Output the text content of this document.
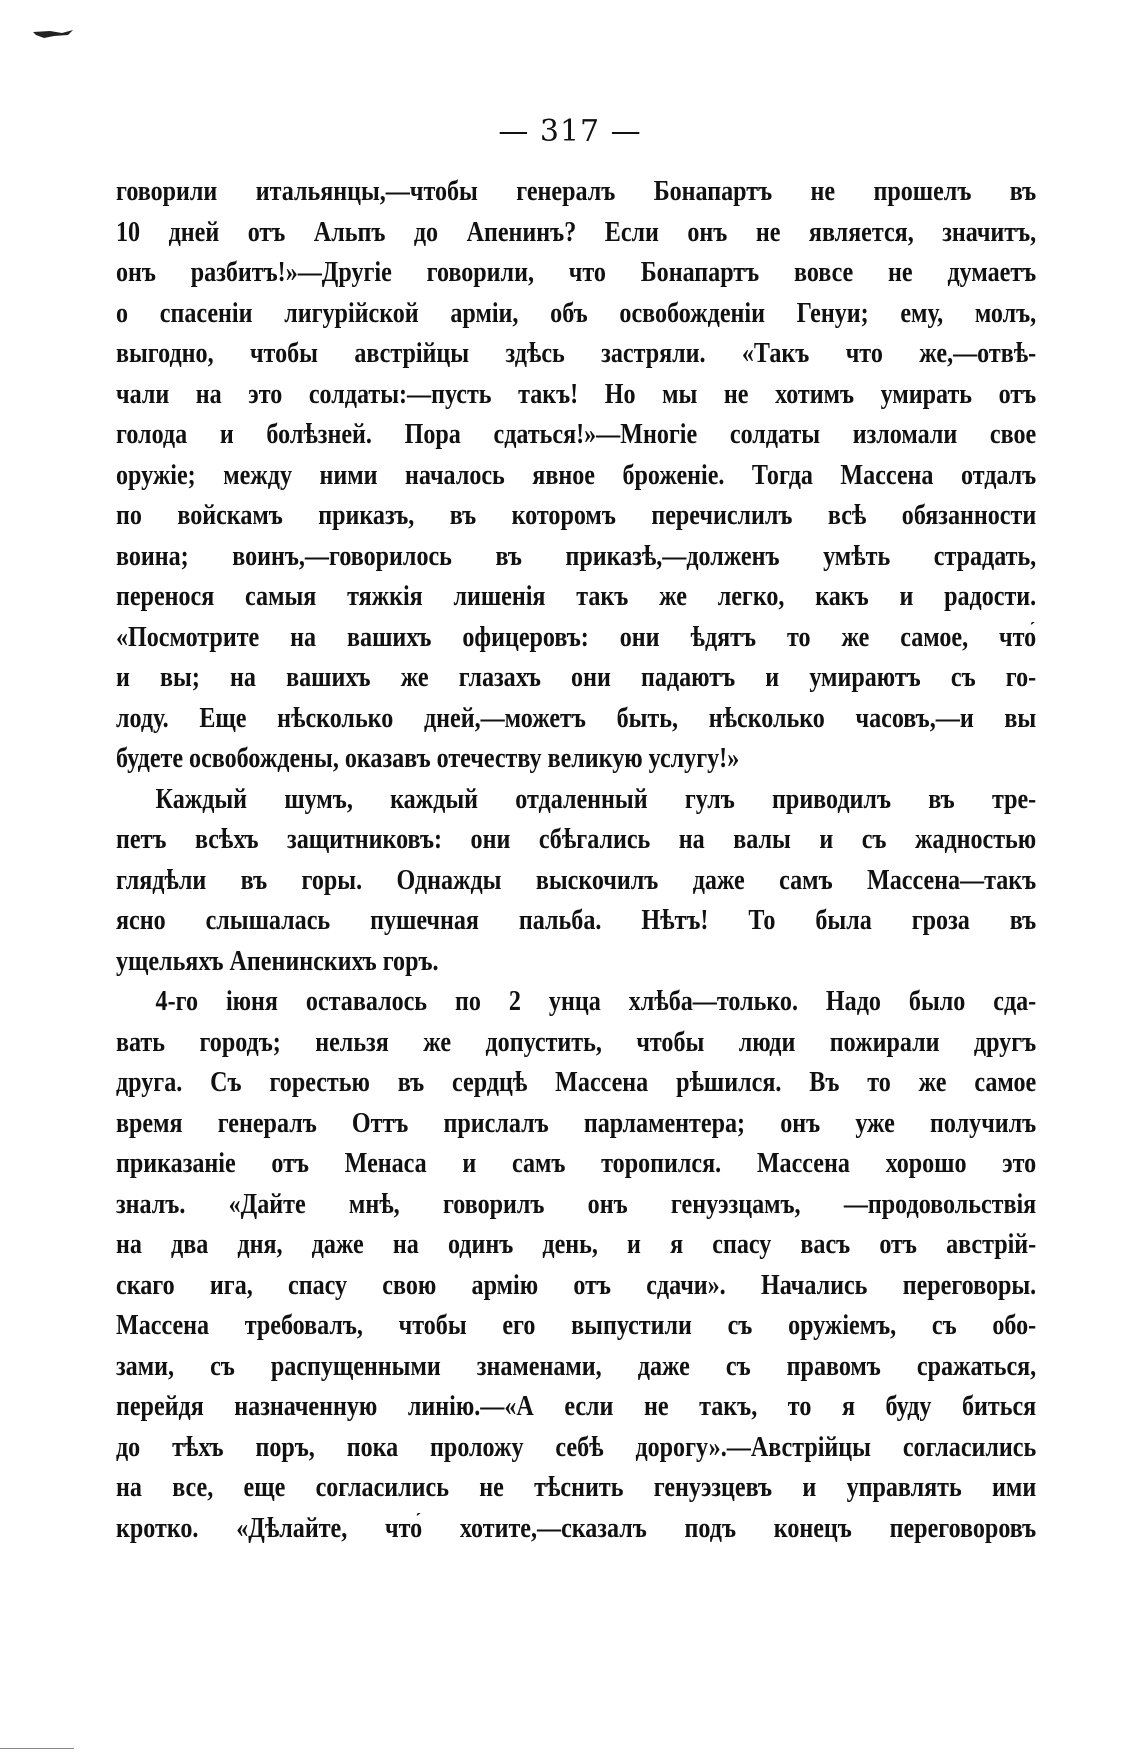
— 317 —
говорили итальянцы,—чтобы генералъ Бонапартъ не прошелъ въ
10 дней отъ Альпъ до Апенинъ? Если онъ не является, значитъ,
онъ разбитъ!»—Другіе говорили, что Бонапартъ вовсе не думаетъ
о спасеніи лигурійской арміи, объ освобожденіи Генуи; ему, молъ,
выгодно, чтобы австрійцы здѣсь застряли. «Такъ что же,—отвѣ-
чали на это солдаты:—пусть такъ! Но мы не хотимъ умирать отъ
голода и болѣзней. Пора сдаться!»—Многіе солдаты изломали свое
оружіе; между ними началось явное броженіе. Тогда Массена отдалъ
по войскамъ приказъ, въ которомъ перечислилъ всѣ обязанности
воина; воинъ,—говорилось въ приказѣ,—долженъ умѣть страдать,
перенося самыя тяжкія лишенія такъ же легко, какъ и радости.
«Посмотрите на вашихъ офицеровъ: они ѣдятъ то же самое, что́
и вы; на вашихъ же глазахъ они падаютъ и умираютъ съ го-
лоду. Еще нѣсколько дней,—можетъ быть, нѣсколько часовъ,—и вы
будете освобождены, оказавъ отечеству великую услугу!»
Каждый шумъ, каждый отдаленный гулъ приводилъ въ тре-
петъ всѣхъ защитниковъ: они сбѣгались на валы и съ жадностью
глядѣли въ горы. Однажды выскочилъ даже самъ Массена—такъ
ясно слышалась пушечная пальба. Нѣтъ! То была гроза въ
ущельяхъ Апенинскихъ горъ.
4-го іюня оставалось по 2 унца хлѣба—только. Надо было сда-
вать городъ; нельзя же допустить, чтобы люди пожирали другъ
друга. Съ горестью въ сердцѣ Массена рѣшился. Въ то же самое
время генералъ Оттъ прислалъ парламентера; онъ уже получилъ
приказаніе отъ Менаса и самъ торопился. Массена хорошо это
зналъ. «Дайте мнѣ, говорилъ онъ генуэзцамъ, —продовольствія
на два дня, даже на одинъ день, и я спасу васъ отъ австрій-
скаго ига, спасу свою армію отъ сдачи». Начались переговоры.
Массена требовалъ, чтобы его выпустили съ оружіемъ, съ обо-
зами, съ распущенными знаменами, даже съ правомъ сражаться,
перейдя назначенную линію.—«А если не такъ, то я буду биться
до тѣхъ поръ, пока проложу себѣ дорогу».—Австрійцы согласились
на все, еще согласились не тѣснить генуэзцевъ и управлять ими
кротко. «Дѣлайте, что́ хотите,—сказалъ подъ конецъ переговоровъ
